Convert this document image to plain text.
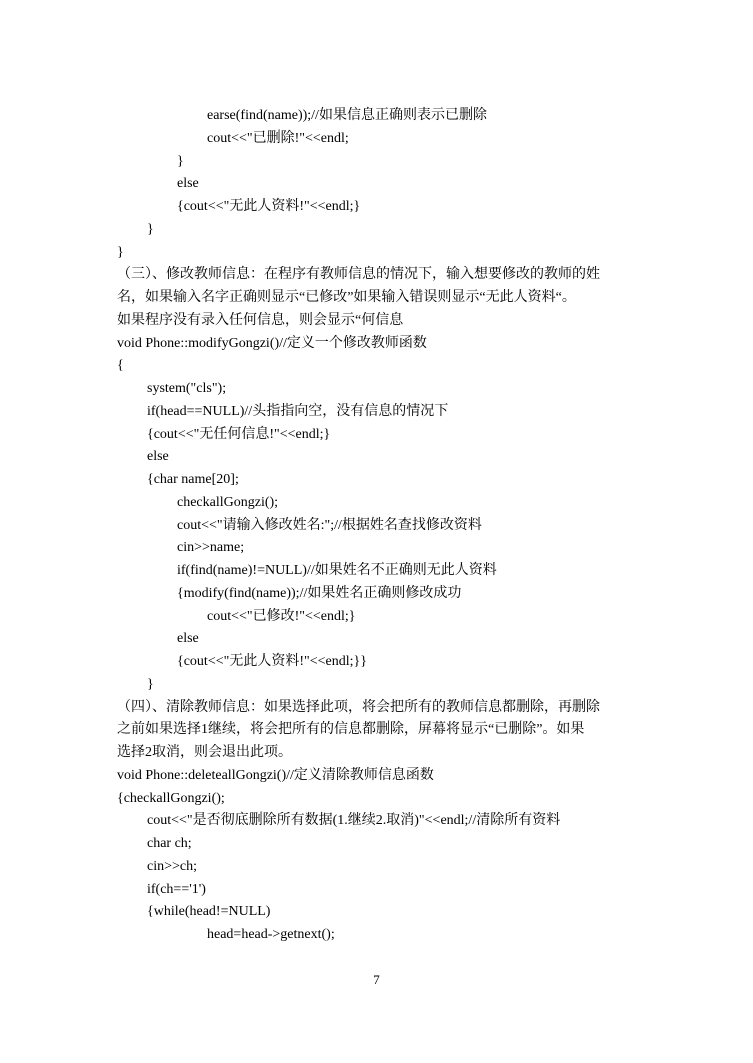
earse(find(name));//如果信息正确则表示已删除
cout<<"已删除!"<<endl;
}
else
{cout<<"无此人资料!"<<endl;}
}
}
（三）、修改教师信息：在程序有教师信息的情况下，输入想要修改的教师的姓
名，如果输入名字正确则显示“已修改”如果输入错误则显示“无此人资料“。
如果程序没有录入任何信息，则会显示“何信息
void Phone::modifyGongzi()//定义一个修改教师函数
{
system("cls");
if(head==NULL)//头指指向空，没有信息的情况下
{cout<<"无任何信息!"<<endl;}
else
{char name[20];
checkallGongzi();
cout<<"请输入修改姓名:";//根据姓名查找修改资料
cin>>name;
if(find(name)!=NULL)//如果姓名不正确则无此人资料
{modify(find(name));//如果姓名正确则修改成功
cout<<"已修改!"<<endl;}
else
{cout<<"无此人资料!"<<endl;}}
}
（四）、清除教师信息：如果选择此项，将会把所有的教师信息都删除，再删除
之前如果选择1继续，将会把所有的信息都删除，屏幕将显示“已删除”。如果
选择2取消，则会退出此项。
void Phone::deleteallGongzi()//定义清除教师信息函数
{checkallGongzi();
cout<<"是否彻底删除所有数据(1.继续2.取消)"<<endl;//清除所有资料
char ch;
cin>>ch;
if(ch=='1')
{while(head!=NULL)
head=head->getnext();
7
